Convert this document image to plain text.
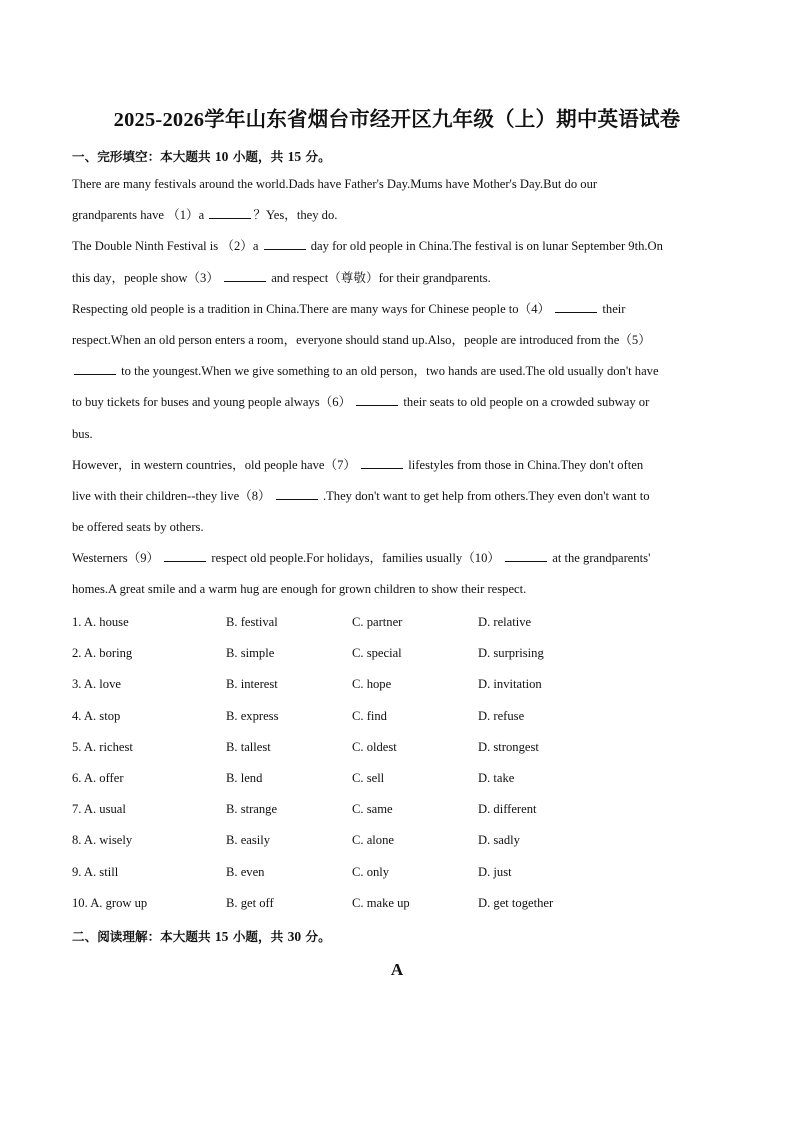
2025-2026学年山东省烟台市经开区九年级（上）期中英语试卷
一、完形填空：本大题共 10 小题，共 15 分。
There are many festivals around the world.Dads have Father's Day.Mums have Mother's Day.But do our
grandparents have （1）a	？Yes，they do.
The Double Ninth Festival is （2）a	day for old people in China.The festival is on lunar September 9th.On
this day，people show（3）	and respect（尊敬）for their grandparents.
Respecting old people is a tradition in China.There are many ways for Chinese people to（4）	their
respect.When an old person enters a room，everyone should stand up.Also，people are introduced from the（5）
to the youngest.When we give something to an old person，two hands are used.The old usually don't have
to buy tickets for buses and young people always（6）	their seats to old people on a crowded subway or
bus.
However，in western countries，old people have（7）	lifestyles from those in China.They don't often
live with their children--they live（8）	.They don't want to get help from others.They even don't want to
be offered seats by others.
Westerners（9）	respect old people.For holidays，families usually（10）	at the grandparents'
homes.A great smile and a warm hug are enough for grown children to show their respect.
1. A. house	B. festival	C. partner	D. relative
2. A. boring	B. simple	C. special	D. surprising
3. A. love	B. interest	C. hope	D. invitation
4. A. stop	B. express	C. find	D. refuse
5. A. richest	B. tallest	C. oldest	D. strongest
6. A. offer	B. lend	C. sell	D. take
7. A. usual	B. strange	C. same	D. different
8. A. wisely	B. easily	C. alone	D. sadly
9. A. still	B. even	C. only	D. just
10. A. grow up	B. get off	C. make up	D. get together
二、阅读理解：本大题共 15 小题，共 30 分。
A
